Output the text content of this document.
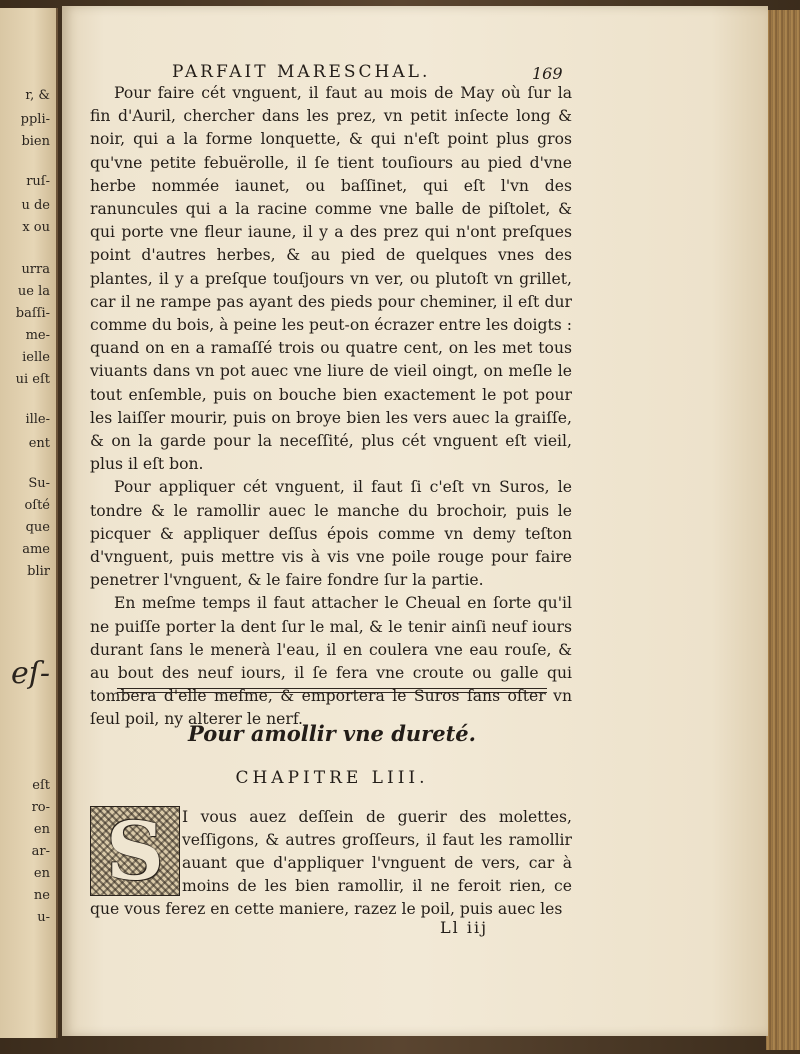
r, &
ppli-
bien
ruſ-
u de
x ou
urra
ue la
baſſi-
me-
ielle
ui eſt
ille-
ent
Su-
oſté
que
ame
blir
eſ-
eſt
ro-
en
ar-
en
ne
u-
PARFAIT MARESCHAL.	169

Pour faire cét vnguent, il faut au mois de May où ſur la fin d'Auril, chercher dans les prez, vn petit inſecte long & noir, qui a la forme lonquette, & qui n'eſt point plus gros qu'vne petite febuërolle, il ſe tient touſiours au pied d'vne herbe nommée iaunet, ou baſſinet, qui eſt l'vn des ranuncules qui a la racine comme vne balle de piſtolet, & qui porte vne fleur iaune, il y a des prez qui n'ont preſques point d'autres herbes, & au pied de quelques vnes des plantes, il y a preſque touſjours vn ver, ou plutoſt vn grillet, car il ne rampe pas ayant des pieds pour cheminer, il eſt dur comme du bois, à peine les peut-on écrazer entre les doigts : quand on en a ramaſſé trois ou quatre cent, on les met tous viuants dans vn pot auec vne liure de vieil oingt, on meſle le tout enſemble, puis on bouche bien exactement le pot pour les laiſſer mourir, puis on broye bien les vers auec la graiſſe, & on la garde pour la neceſſité, plus cét vnguent eſt vieil, plus il eſt bon.

Pour appliquer cét vnguent, il faut ſi c'eſt vn Suros, le tondre & le ramollir auec le manche du brochoir, puis le picquer & appliquer deſſus épois comme vn demy teſton d'vnguent, puis mettre vis à vis vne poile rouge pour faire penetrer l'vnguent, & le faire fondre ſur la partie.

En meſme temps il faut attacher le Cheual en ſorte qu'il ne puiſſe porter la dent ſur le mal, & le tenir ainſi neuf iours durant ſans le menerà l'eau, il en coulera vne eau rouſe, & au bout des neuf iours, il ſe fera vne croute ou galle qui tombera d'elle meſme, & emportera le Suros ſans oſter vn ſeul poil, ny alterer le nerf.

Pour amollir vne dureté.
CHAPITRE LIII.

I vous auez deſſein de guerir des molettes, veſſigons, & autres groſſeurs, il faut les ramollir auant que d'appliquer l'vnguent de vers, car à moins de les bien ramollir, il ne feroit rien, ce que vous ferez en cette maniere, razez le poil, puis auec les

S
Ll iij
